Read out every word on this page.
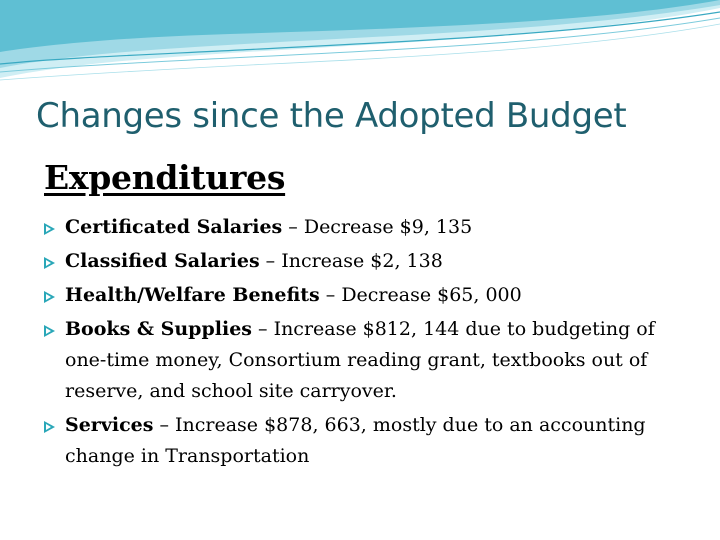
Changes since the Adopted Budget
Expenditures
Certificated Salaries – Decrease $9, 135
Classified Salaries – Increase $2, 138
Health/Welfare Benefits – Decrease $65, 000
Books & Supplies – Increase $812, 144 due to budgeting of one-time money, Consortium reading grant, textbooks out of reserve, and school site carryover.
Services – Increase $878, 663, mostly due to an accounting change in Transportation
